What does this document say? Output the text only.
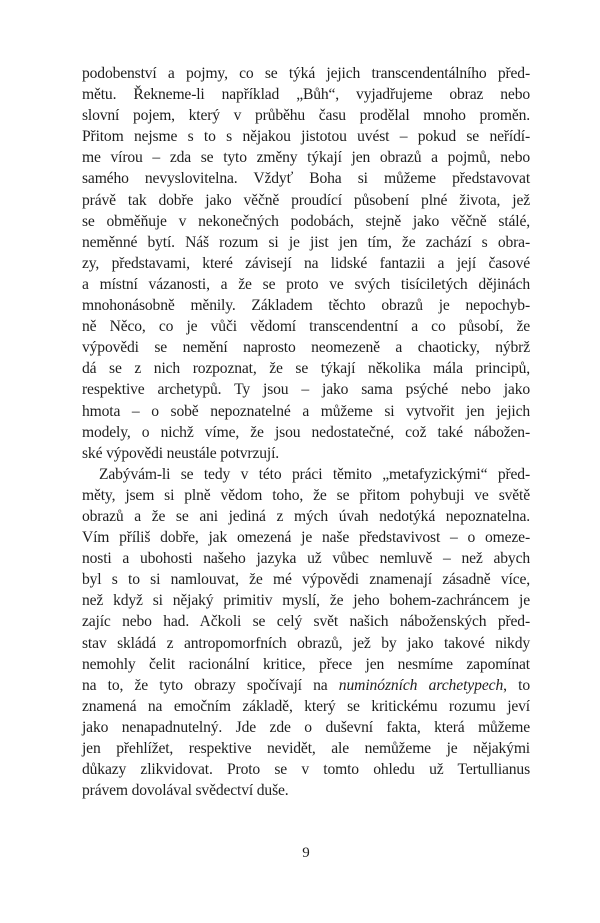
podobenství a pojmy, co se týká jejich transcendentálního před-
mětu. Řekneme-li například „Bůh“, vyjadřujeme obraz nebo
slovní pojem, který v průběhu času prodělal mnoho proměn.
Přitom nejsme s to s nějakou jistotou uvést – pokud se neřídí-
me vírou – zda se tyto změny týkají jen obrazů a pojmů, nebo
samého nevyslovitelna. Vždyť Boha si můžeme představovat
právě tak dobře jako věčně proudící působení plné života, jež
se obměňuje v nekonečných podobách, stejně jako věčně stálé,
neměnné bytí. Náš rozum si je jist jen tím, že zachází s obra-
zy, představami, které závisejí na lidské fantazii a její časové
a místní vázanosti, a že se proto ve svých tisíciletých dějinách
mnohonásobně měnily. Základem těchto obrazů je nepochyb-
ně Něco, co je vůči vědomí transcendentní a co působí, že
výpovědi se nemění naprosto neomezeně a chaoticky, nýbrž
dá se z nich rozpoznat, že se týkají několika mála principů,
respektive archetypů. Ty jsou – jako sama psýché nebo jako
hmota – o sobě nepoznatelné a můžeme si vytvořit jen jejich
modely, o nichž víme, že jsou nedostatečné, což také nábožen-
ské výpovědi neustále potvrzují.
Zabývám-li se tedy v této práci těmito „metafyzickými“ před-
měty, jsem si plně vědom toho, že se přitom pohybuji ve světě
obrazů a že se ani jediná z mých úvah nedotýká nepoznatelna.
Vím příliš dobře, jak omezená je naše představivost – o omeze-
nosti a ubohosti našeho jazyka už vůbec nemluvě – než abych
byl s to si namlouvat, že mé výpovědi znamenají zásadně více,
než když si nějaký primitiv myslí, že jeho bohem-zachráncem je
zajíc nebo had. Ačkoli se celý svět našich náboženských před-
stav skládá z antropomorfních obrazů, jež by jako takové nikdy
nemohly čelit racionální kritice, přece jen nesmíme zapomínat
na to, že tyto obrazy spočívají na numinózních archetypech, to
znamená na emočním základě, který se kritickému rozumu jeví
jako nenapadnutelný. Jde zde o duševní fakta, která můžeme
jen přehlížet, respektive nevidět, ale nemůžeme je nějakými
důkazy zlikvidovat. Proto se v tomto ohledu už Tertullianus
právem dovolával svědectví duše.
9
